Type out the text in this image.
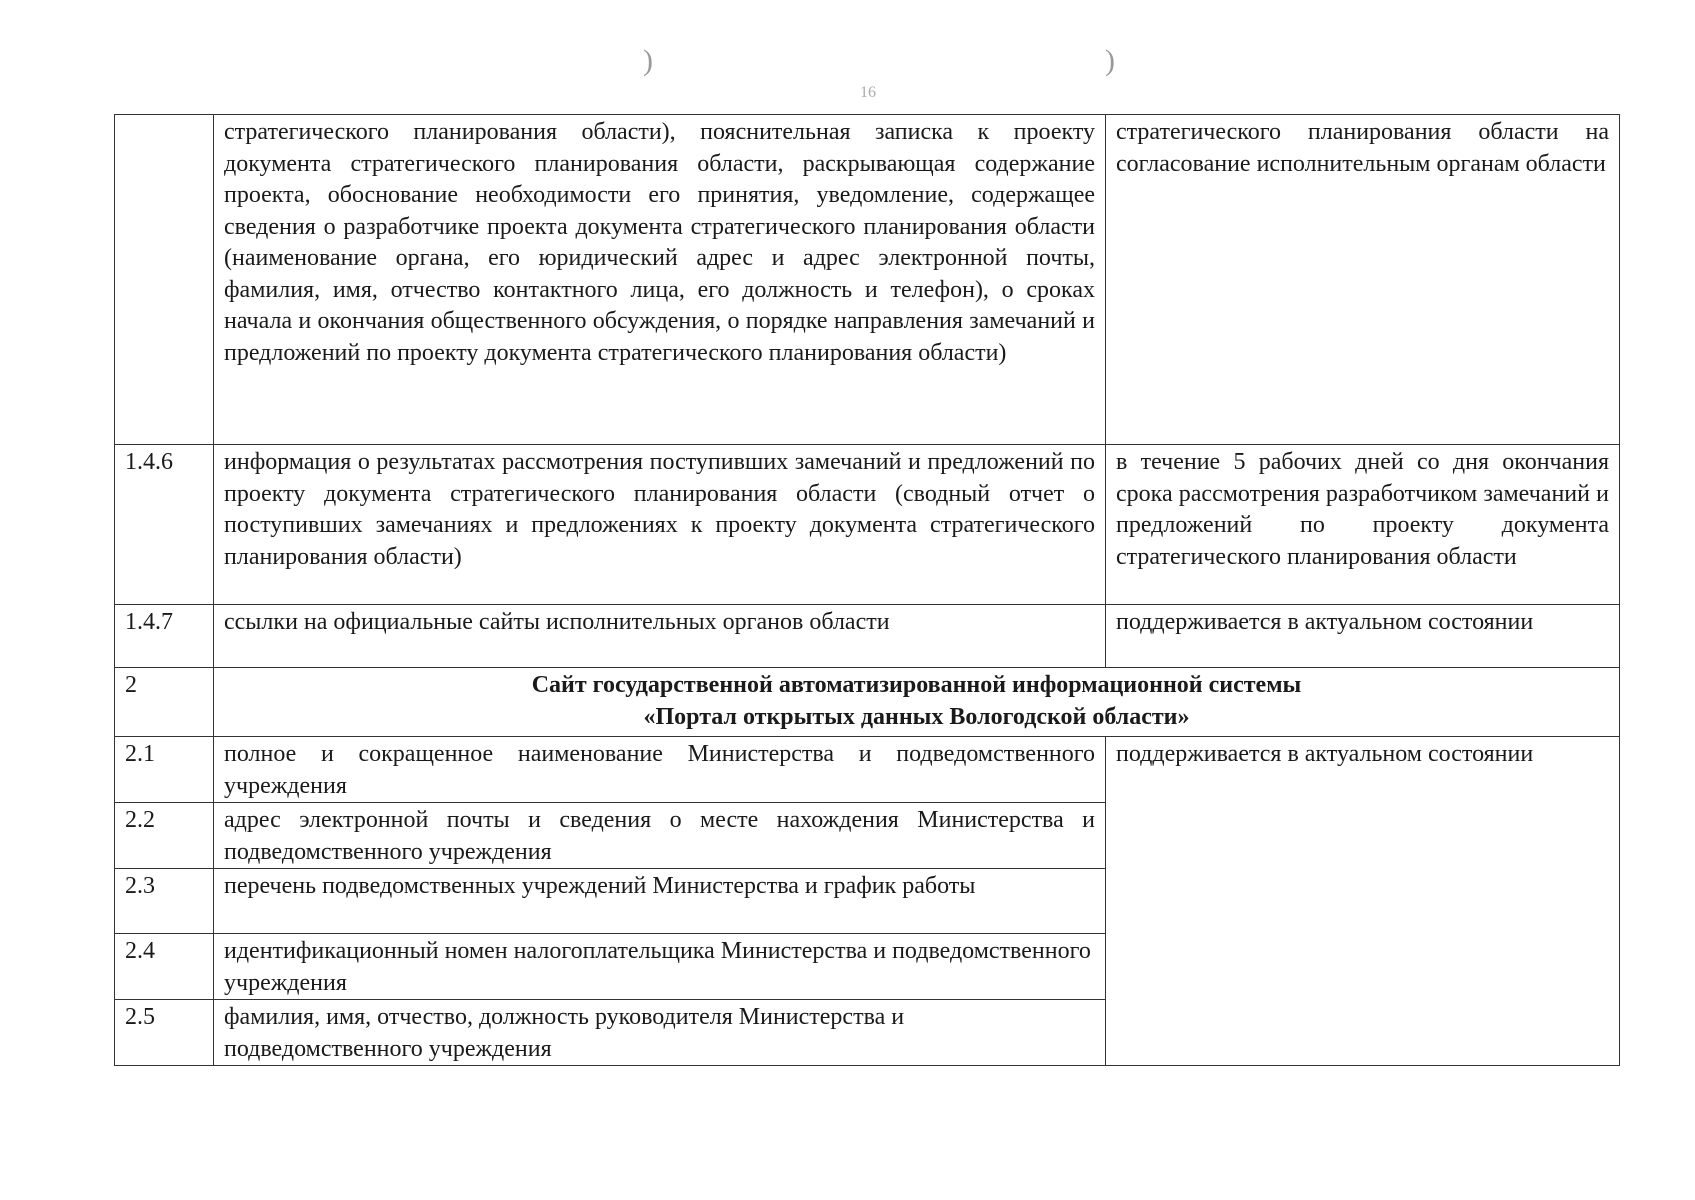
)	)
16
	стратегического планирования области), пояснительная записка к проекту документа стратегического планирования области, раскрывающая содержание проекта, обоснование необходимости его принятия, уведомление, содержащее сведения о разработчике проекта документа стратегического планирования области (наименование органа, его юридический адрес и адрес электронной почты, фамилия, имя, отчество контактного лица, его должность и телефон), о сроках начала и окончания общественного обсуждения, о порядке направления замечаний и предложений по проекту документа стратегического планирования области)	стратегического планирования области на согласование исполнительным органам области
1.4.6	информация о результатах рассмотрения поступивших замечаний и предложений по проекту документа стратегического планирования области (сводный отчет о поступивших замечаниях и предложениях к проекту документа стратегического планирования области)	в течение 5 рабочих дней со дня окончания срока рассмотрения разработчиком замечаний и предложений по проекту документа стратегического планирования области
1.4.7	ссылки на официальные сайты исполнительных органов области	поддерживается в актуальном состоянии
2	Сайт государственной автоматизированной информационной системы
«Портал открытых данных Вологодской области»	

2.1	полное и сокращенное наименование Министерства и подведомственного учреждения	поддерживается в актуальном состоянии
2.2	адрес электронной почты и сведения о месте нахождения Министерства и подведомственного учреждения	
2.3	перечень подведомственных учреждений Министерства и график работы	
2.4	идентификационный номен налогоплательщика Министерства и подведомственного учреждения	
2.5	фамилия, имя, отчество, должность руководителя Министерства и подведомственного учреждения	
